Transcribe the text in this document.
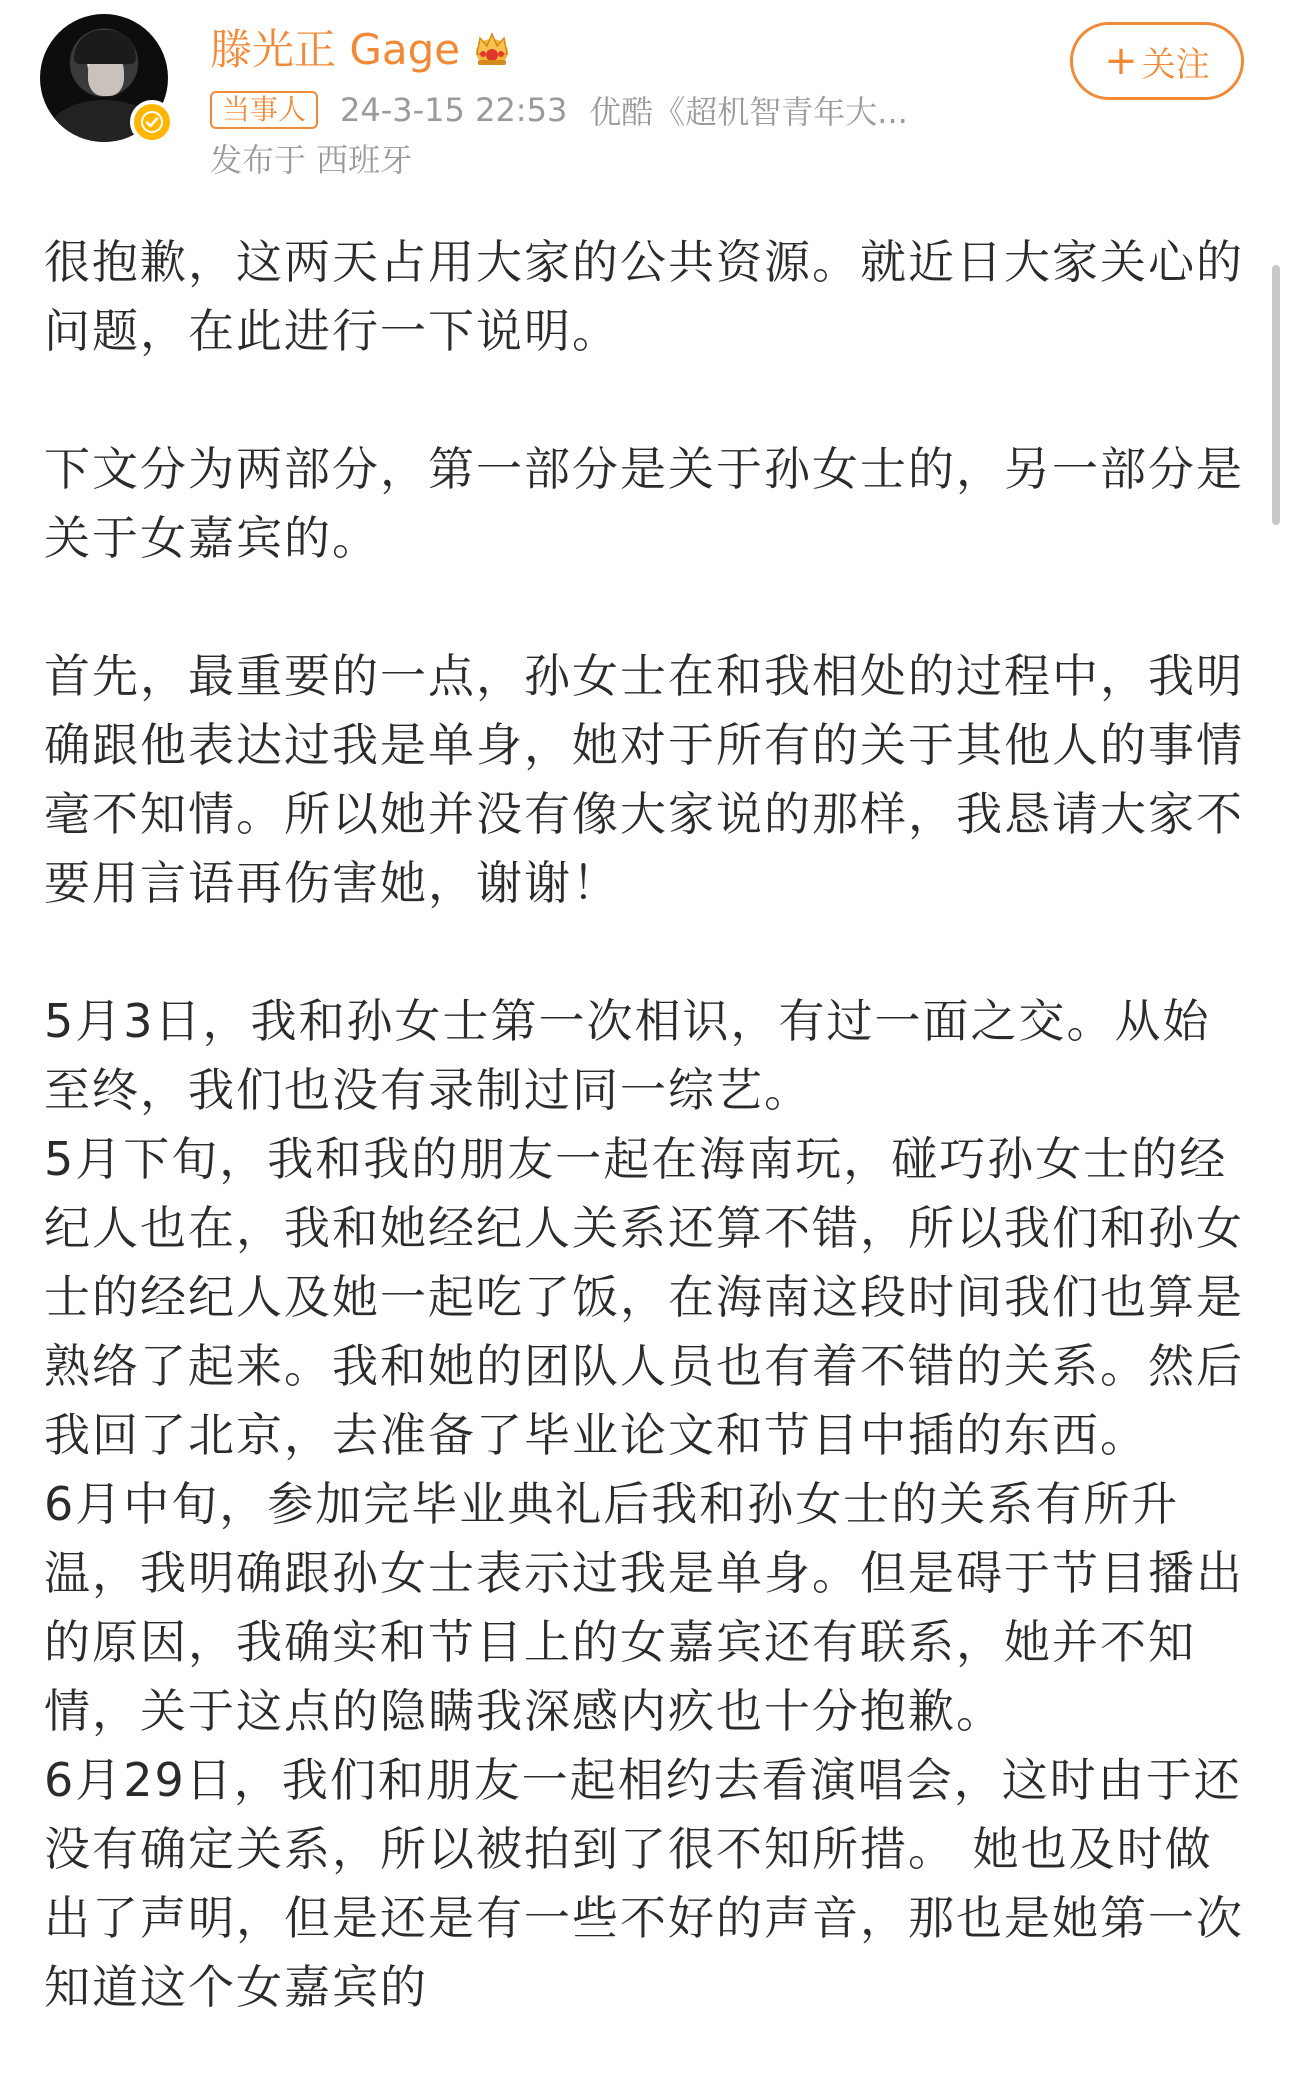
滕光正 Gage
当事人	24-3-15 22:53 优酷《超机智青年大...
发布于 西班牙
+ 关注

很抱歉，这两天占用大家的公共资源。就近日大家关心的问题，在此进行一下说明。

下文分为两部分，第一部分是关于孙女士的，另一部分是关于女嘉宾的。

首先，最重要的一点，孙女士在和我相处的过程中，我明确跟他表达过我是单身，她对于所有的关于其他人的事情毫不知情。所以她并没有像大家说的那样，我恳请大家不要用言语再伤害她，谢谢！

5月3日，我和孙女士第一次相识，有过一面之交。从始至终，我们也没有录制过同一综艺。

5月下旬，我和我的朋友一起在海南玩，碰巧孙女士的经纪人也在，我和她经纪人关系还算不错，所以我们和孙女士的经纪人及她一起吃了饭，在海南这段时间我们也算是熟络了起来。我和她的团队人员也有着不错的关系。然后我回了北京，去准备了毕业论文和节目中插的东西。

6月中旬，参加完毕业典礼后我和孙女士的关系有所升温，我明确跟孙女士表示过我是单身。但是碍于节目播出的原因，我确实和节目上的女嘉宾还有联系，她并不知情，关于这点的隐瞒我深感内疚也十分抱歉。

6月29日，我们和朋友一起相约去看演唱会，这时由于还没有确定关系，所以被拍到了很不知所措。 她也及时做出了声明，但是还是有一些不好的声音，那也是她第一次知道这个女嘉宾的
